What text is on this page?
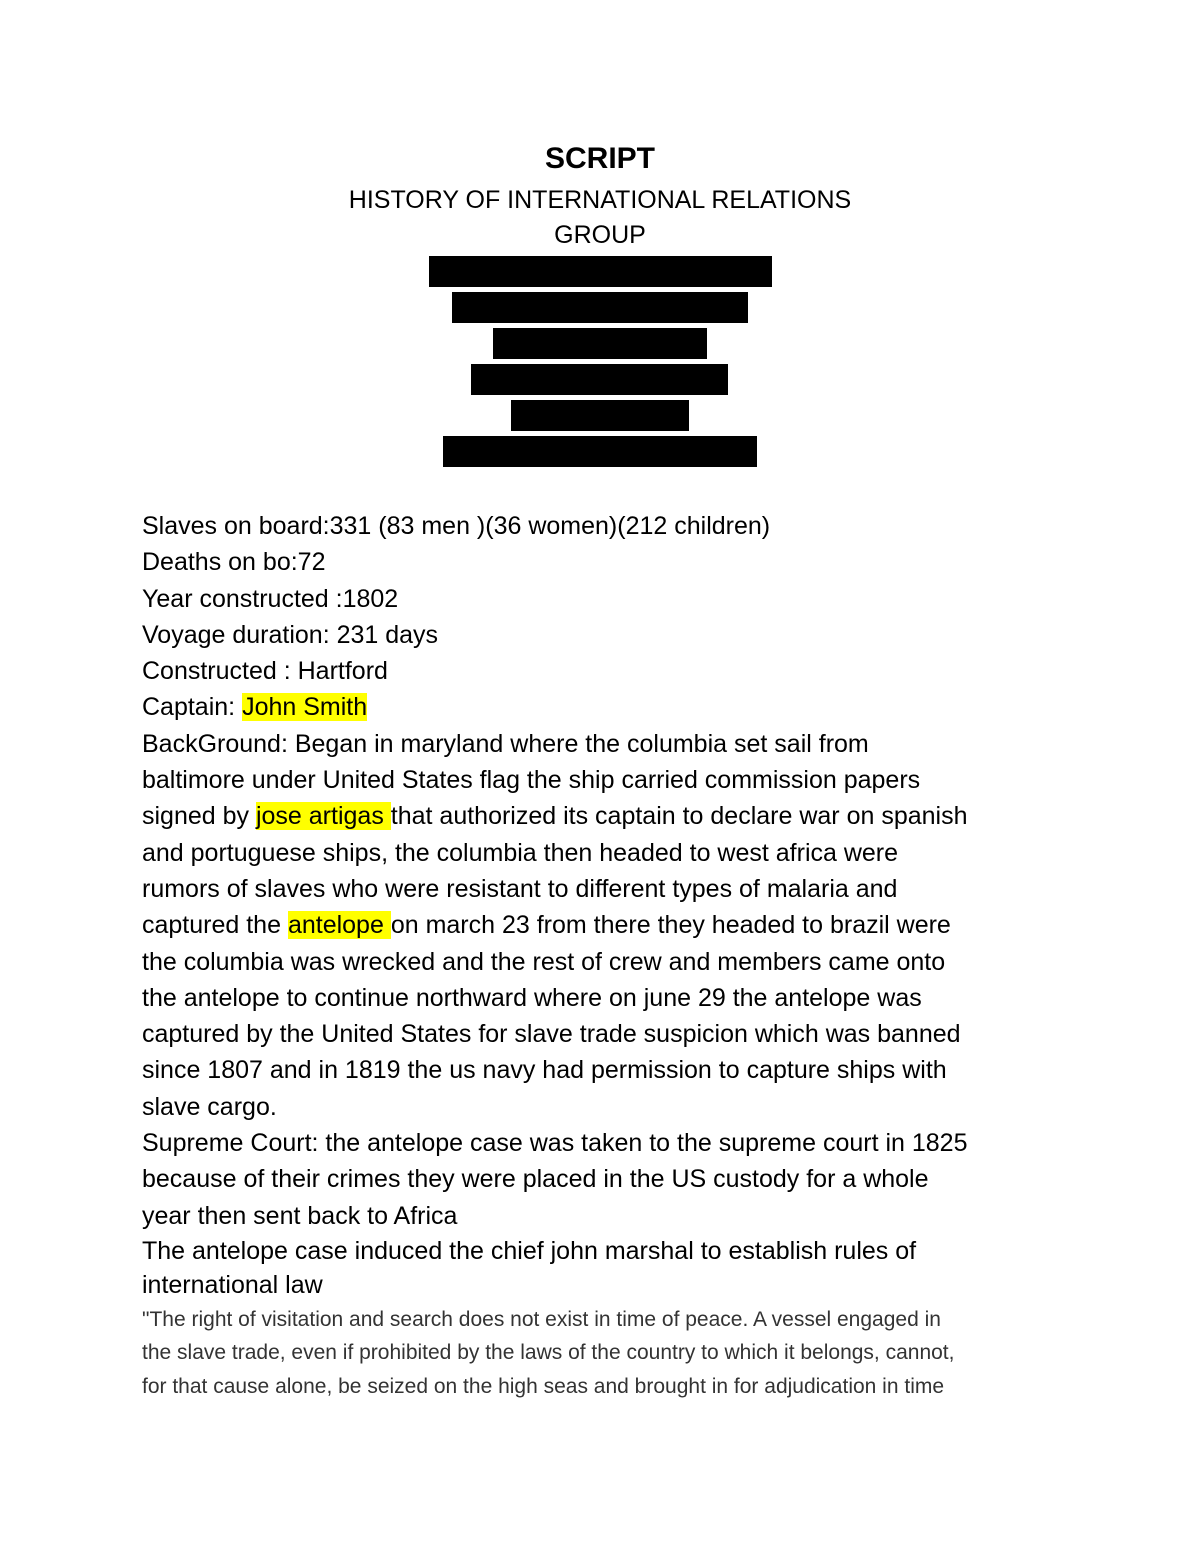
SCRIPT
HISTORY OF INTERNATIONAL RELATIONS
GROUP
Slaves on board:331 (83 men )(36 women)(212 children)
Deaths on bo:72
Year constructed :1802
Voyage duration: 231 days
Constructed : Hartford
Captain: John Smith
BackGround: Began in maryland where the columbia set sail from
baltimore under United States flag the ship carried commission papers
signed by jose artigas that authorized its captain to declare war on spanish
and portuguese ships, the columbia then headed to west africa were
rumors of slaves who were resistant to different types of malaria and
captured the antelope on march 23 from there they headed to brazil were
the columbia was wrecked and the rest of crew and members came onto
the antelope to continue northward where on june 29 the antelope was
captured by the United States for slave trade suspicion which was banned
since 1807 and in 1819 the us navy had permission to capture ships with
slave cargo.
Supreme Court: the antelope case was taken to the supreme court in 1825
because of their crimes they were placed in the US custody for a whole
year then sent back to Africa
The antelope case induced the chief john marshal to establish rules of
international law
"The right of visitation and search does not exist in time of peace. A vessel engaged in
the slave trade, even if prohibited by the laws of the country to which it belongs, cannot,
for that cause alone, be seized on the high seas and brought in for adjudication in time
